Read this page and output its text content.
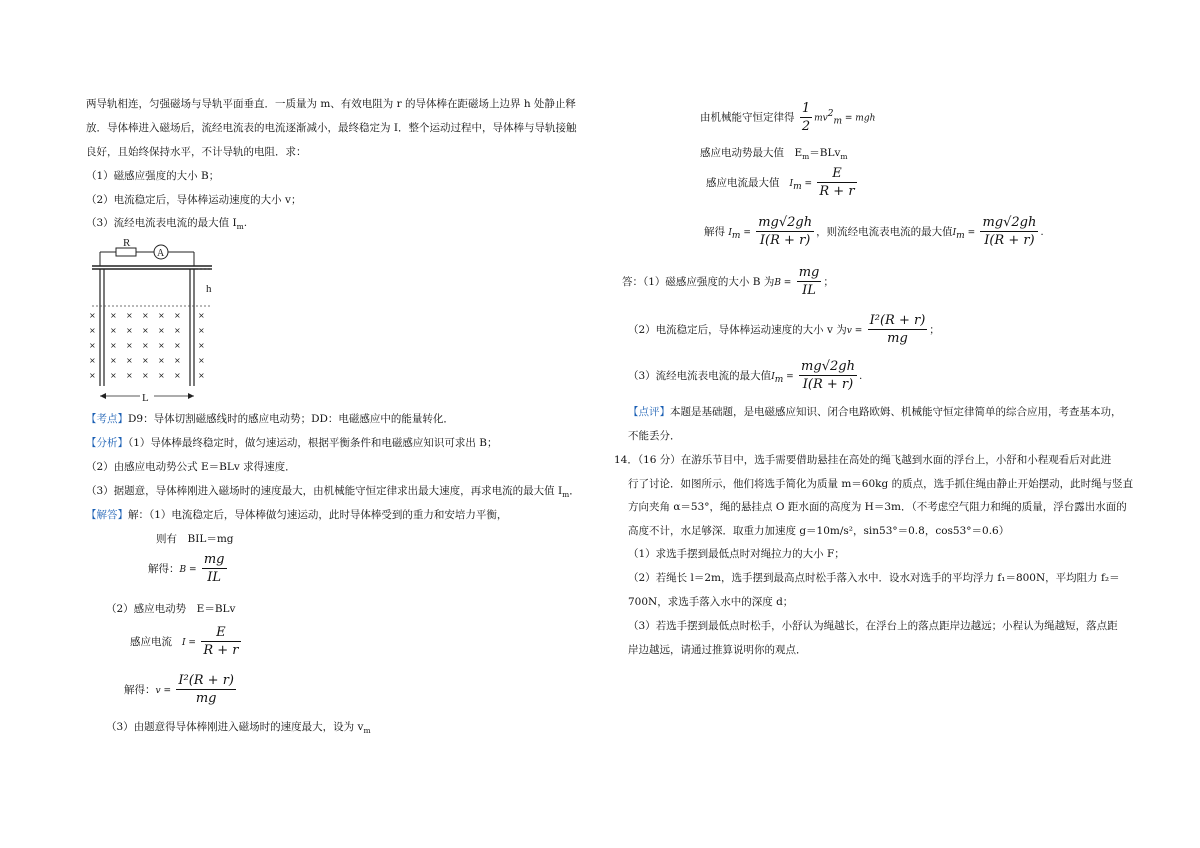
两导轨相连，匀强磁场与导轨平面垂直．一质量为 m、有效电阻为 r 的导体棒在距磁场上边界 h 处静止释
放．导体棒进入磁场后，流经电流表的电流逐渐减小，最终稳定为 I．整个运动过程中，导体棒与导轨接触
良好，且始终保持水平，不计导轨的电阻．求：
（1）磁感应强度的大小 B；
（2）电流稳定后，导体棒运动速度的大小 v；
（3）流经电流表电流的最大值 $I_m$.
R
A
h
× × × × × × ×
× × × × × × ×
× × × × × × ×
× × × × × × ×
× × × × × × ×
L
【考点】D9：导体切割磁感线时的感应电动势；DD：电磁感应中的能量转化．
【分析】（1）导体棒最终稳定时，做匀速运动，根据平衡条件和电磁感应知识可求出 B；
（2）由感应电动势公式 E＝BLv 求得速度．
（3）据题意，导体棒刚进入磁场时的速度最大，由机械能守恒定律求出最大速度，再求电流的最大值 $I_m$．
【解答】解：（1）电流稳定后，导体棒做匀速运动，此时导体棒受到的重力和安培力平衡，
则有　BIL＝mg
解得：$B = \frac{mg}{IL}$
（2）感应电动势　E＝BLv
感应电流 $I = \frac{E}{R + r}$
解得：$v = \frac{\text{I²(R + r)}}{mg}$
（3）由题意得导体棒刚进入磁场时的速度最大，设为 $v_m$
由机械能守恒定律得 $\frac{1}{2} mv^2_m$ = mgh
感应电动势最大值　$E_m=BLv_m$
感应电流最大值 $I_m = \frac{E}{R + r}$
解得 $I_m = \frac{mg√2gh}{I(R + r)}$ ，则流经电流表电流的最大值$I_m = \frac{mg√2gh}{I(R + r)}$ .
答：（1）磁感应强度的大小 B 为$B = \frac{mg}{IL}$ ；
（2）电流稳定后，导体棒运动速度的大小 v 为$v = \frac{\text{I²(R + r)}}{mg}$ ；
（3）流经电流表电流的最大值$I_m = \frac{mg√2gh}{I(R + r)}$ .
【点评】本题是基础题，是电磁感应知识、闭合电路欧姆、机械能守恒定律简单的综合应用，考查基本功，
不能丢分．
14．（16 分）在游乐节目中，选手需要借助悬挂在高处的绳飞越到水面的浮台上，小舒和小程观看后对此进
行了讨论．如图所示，他们将选手简化为质量 m＝60kg 的质点，选手抓住绳由静止开始摆动，此时绳与竖直
方向夹角 α＝53°，绳的悬挂点 O 距水面的高度为 H＝3m．（不考虑空气阻力和绳的质量，浮台露出水面的
高度不计，水足够深．取重力加速度 g＝10m/s²，sin53°＝0.8，cos53°＝0.6）
（1）求选手摆到最低点时对绳拉力的大小 F；
（2）若绳长 l＝2m，选手摆到最高点时松手落入水中．设水对选手的平均浮力 f₁＝800N，平均阻力 f₂＝
700N，求选手落入水中的深度 d；
（3）若选手摆到最低点时松手，小舒认为绳越长，在浮台上的落点距岸边越远；小程认为绳越短，落点距
岸边越远，请通过推算说明你的观点．
